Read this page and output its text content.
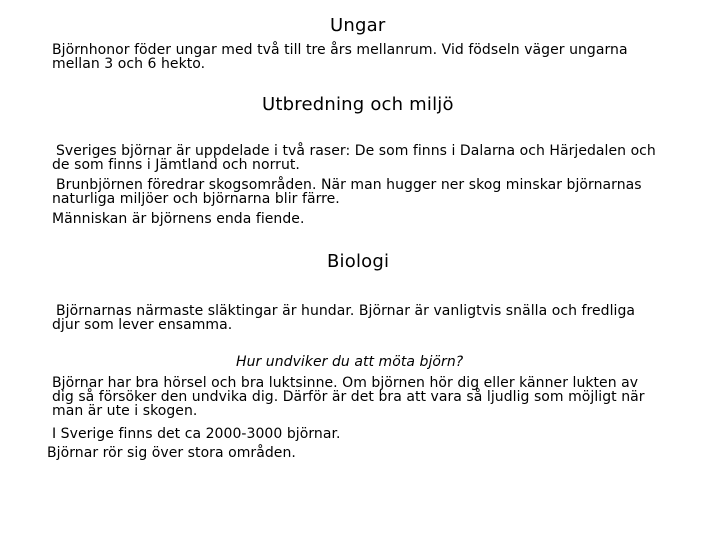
Ungar
Björnhonor föder ungar med två till tre års mellanrum. Vid födseln väger ungarna
mellan 3 och 6 hekto.
Utbredning och miljö
Sveriges björnar är uppdelade i två raser: De som finns i Dalarna och Härjedalen och
de som finns i Jämtland och norrut.
Brunbjörnen föredrar skogsområden. När man hugger ner skog minskar björnarnas
naturliga miljöer och björnarna blir färre.
Människan är björnens enda fiende.
Biologi
Björnarnas närmaste släktingar är hundar. Björnar är vanligtvis snälla och fredliga
djur som lever ensamma.
Hur undviker du att möta björn?
Björnar har bra hörsel och bra luktsinne. Om björnen hör dig eller känner lukten av
dig så försöker den undvika dig. Därför är det bra att vara så ljudlig som möjligt när
man är ute i skogen.
I Sverige finns det ca 2000-3000 björnar.
Björnar rör sig över stora områden.
